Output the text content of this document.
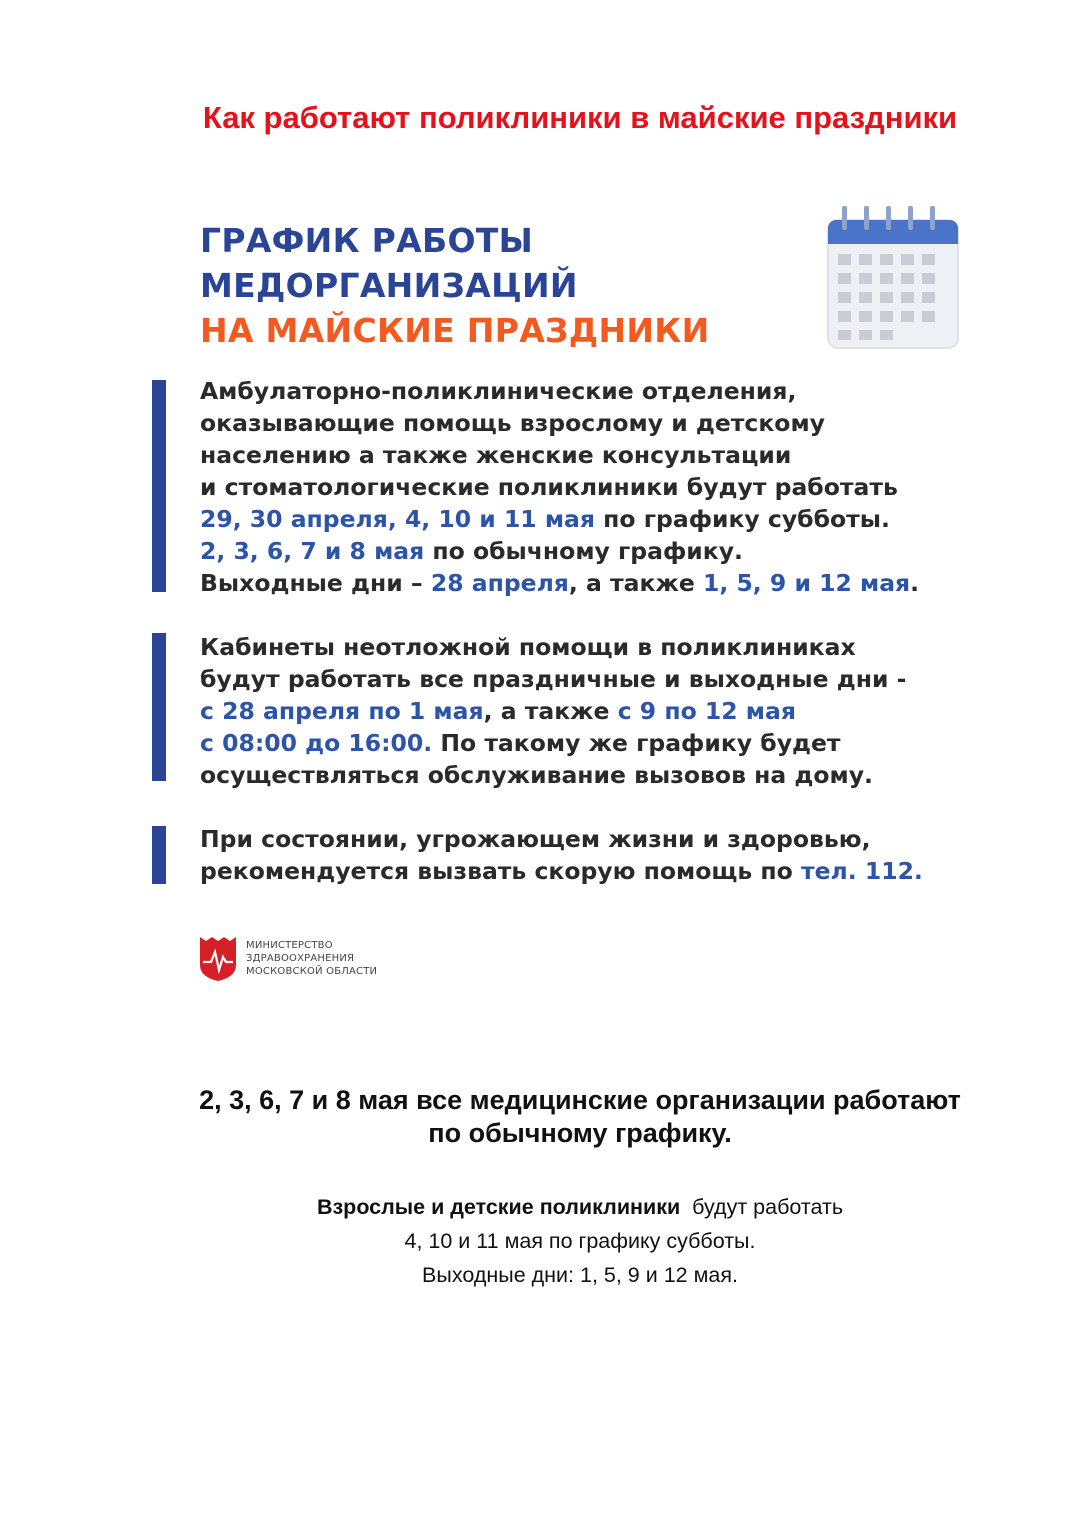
Как работают поликлиники в майские праздники
ГРАФИК РАБОТЫ
МЕДОРГАНИЗАЦИЙ
НА МАЙСКИЕ ПРАЗДНИКИ
Амбулаторно-поликлинические отделения,
оказывающие помощь взрослому и детскому
населению а также женские консультации
и стоматологические поликлиники будут работать
29, 30 апреля, 4, 10 и 11 мая по графику субботы.
2, 3, 6, 7 и 8 мая по обычному графику.
Выходные дни – 28 апреля, а также 1, 5, 9 и 12 мая.
Кабинеты неотложной помощи в поликлиниках
будут работать все праздничные и выходные дни -
с 28 апреля по 1 мая, а также с 9 по 12 мая
с 08:00 до 16:00. По такому же графику будет
осуществляться обслуживание вызовов на дому.
При состоянии, угрожающем жизни и здоровью,
рекомендуется вызвать скорую помощь по тел. 112.
МИНИСТЕРСТВО
ЗДРАВООХРАНЕНИЯ
МОСКОВСКОЙ ОБЛАСТИ
2, 3, 6, 7 и 8 мая все медицинские организации работают
по обычному графику.
Взрослые и детские поликлиники  будут работать
4, 10 и 11 мая по графику субботы.
Выходные дни: 1, 5, 9 и 12 мая.
